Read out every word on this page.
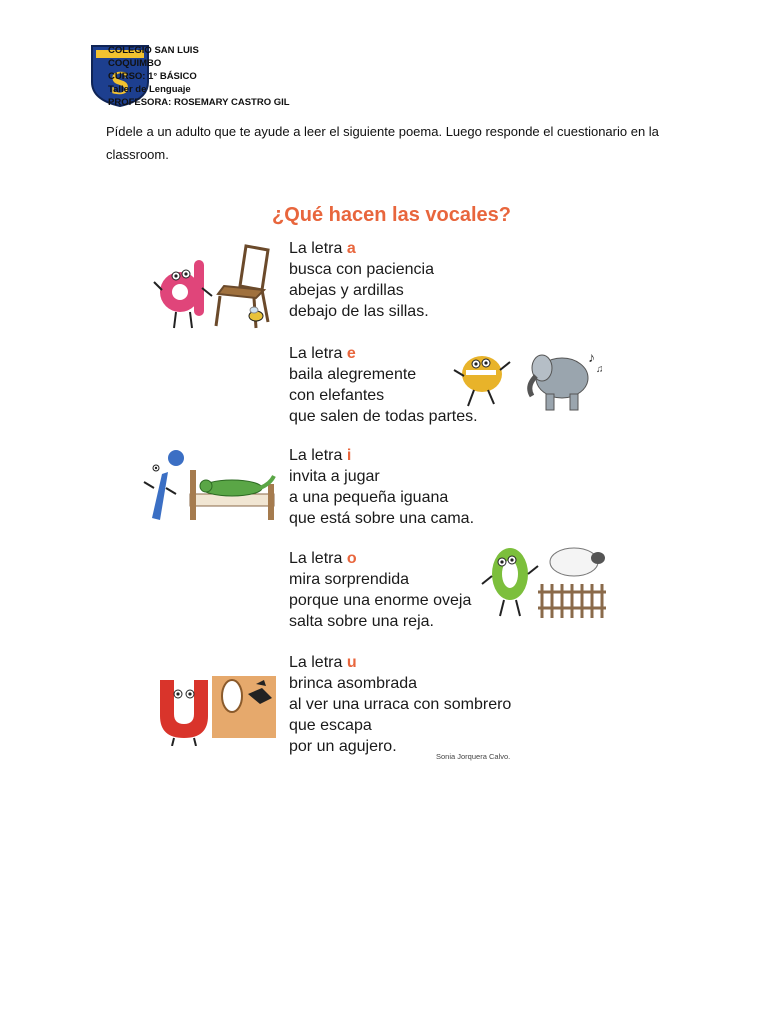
S
COLEGIO SAN LUIS
COQUIMBO
CURSO: 1° BÁSICO
Taller de Lenguaje
PROFESORA: ROSEMARY CASTRO GIL

Pídele a un adulto que te ayude a leer el siguiente poema. Luego responde el cuestionario en la classroom.

¿Qué hacen las vocales?
La letra a
busca con paciencia
abejas y ardillas
debajo de las sillas.
La letra e
baila alegremente
con elefantes
que salen de todas partes.
La letra i
invita a jugar
a una pequeña iguana
que está sobre una cama.
La letra o
mira sorprendida
porque una enorme oveja
salta sobre una reja.
La letra u
brinca asombrada
al ver una urraca con sombrero
que escapa
por un agujero.
Sonia Jorquera Calvo.
♪
♫
